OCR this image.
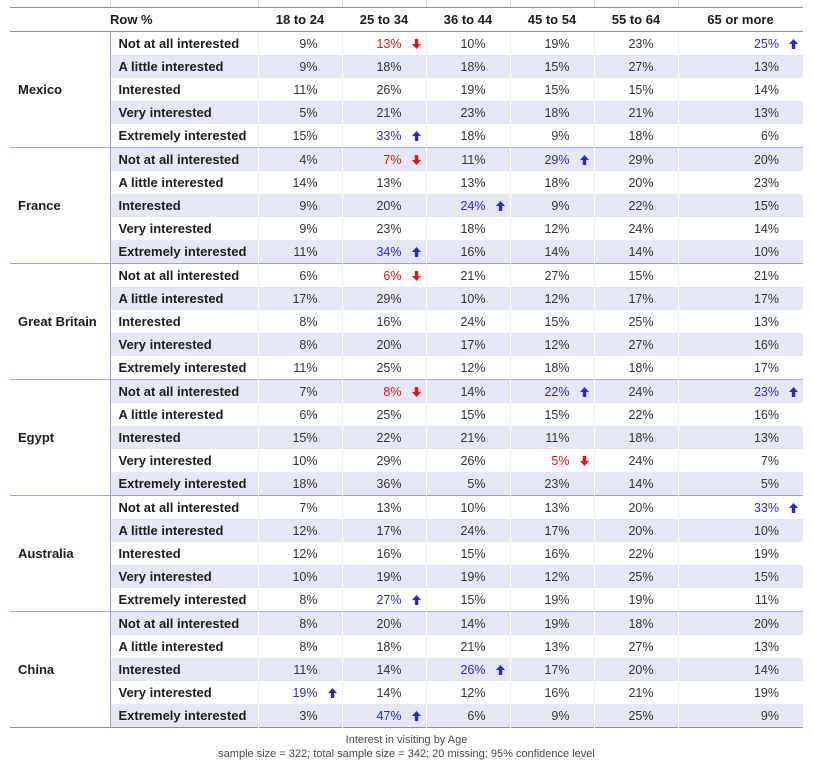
	Row %	18 to 24	25 to 34	36 to 44	45 to 54	55 to 64	65 or more
Mexico	Not at all interested	9%	13%	10%	19%	23%	25%

	A little interested	9%	18%	18%	15%	27%	13%
	Interested	11%	26%	19%	15%	15%	14%
	Very interested	5%	21%	23%	18%	21%	13%
	Extremely interested	15%	33%	18%	9%	18%	6%
France	Not at all interested	4%	7%	11%	29%	29%	20%
	A little interested	14%	13%	13%	18%	20%	23%
	Interested	9%	20%	24%	9%	22%	15%
	Very interested	9%	23%	18%	12%	24%	14%
	Extremely interested	11%	34%	16%	14%	14%	10%
Great Britain	Not at all interested	6%	6%	21%	27%	15%	21%
	A little interested	17%	29%	10%	12%	17%	17%
	Interested	8%	16%	24%	15%	25%	13%
	Very interested	8%	20%	17%	12%	27%	16%
	Extremely interested	11%	25%	12%	18%	18%	17%
Egypt	Not at all interested	7%	8%	14%	22%	24%	23%

	A little interested	6%	25%	15%	15%	22%	16%
	Interested	15%	22%	21%	11%	18%	13%
	Very interested	10%	29%	26%	5%	24%	7%
	Extremely interested	18%	36%	5%	23%	14%	5%
Australia	Not at all interested	7%	13%	10%	13%	20%	33%

	A little interested	12%	17%	24%	17%	20%	10%
	Interested	12%	16%	15%	16%	22%	19%
	Very interested	10%	19%	19%	12%	25%	15%
	Extremely interested	8%	27%	15%	19%	19%	11%
China	Not at all interested	8%	20%	14%	19%	18%	20%
	A little interested	8%	18%	21%	13%	27%	13%
	Interested	11%	14%	26%	17%	20%	14%
	Very interested	19%	14%	12%	16%	21%	19%
	Extremely interested	3%	47%	6%	9%	25%	9%
Interest in visiting by Age
sample size = 322; total sample size = 342; 20 missing; 95% confidence level
